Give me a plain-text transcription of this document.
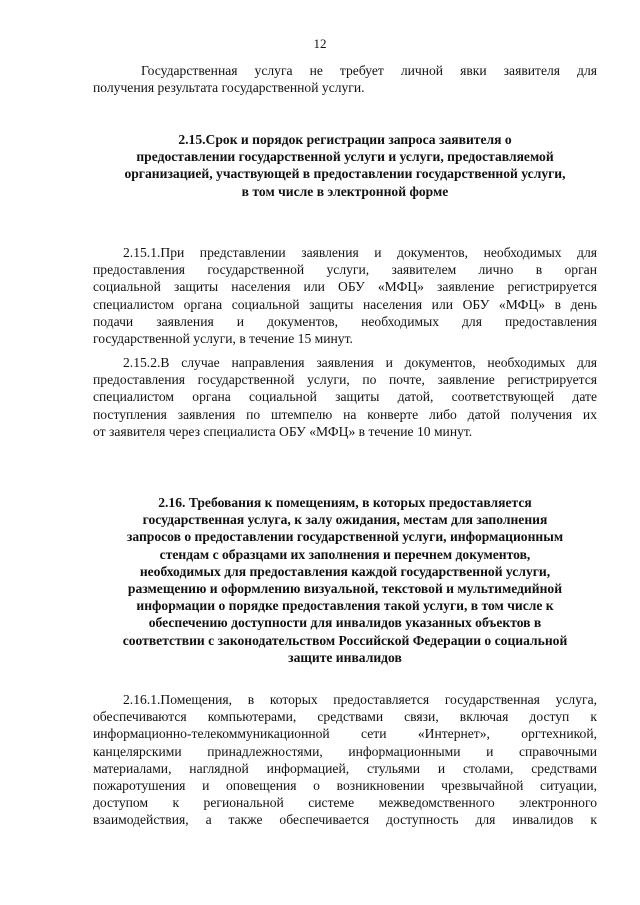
12
Государственная услуга не требует личной явки заявителя для
получения результата государственной услуги.
2.15.Срок и порядок регистрации запроса заявителя о
предоставлении государственной услуги и услуги, предоставляемой
организацией, участвующей в предоставлении государственной услуги,
в том числе в электронной форме
2.15.1.При представлении заявления и документов, необходимых для
предоставления государственной услуги, заявителем лично в орган
социальной защиты населения или ОБУ «МФЦ» заявление регистрируется
специалистом органа социальной защиты населения или ОБУ «МФЦ» в день
подачи заявления и документов, необходимых для предоставления
государственной услуги, в течение 15 минут.
2.15.2.В случае направления заявления и документов, необходимых для
предоставления государственной услуги, по почте, заявление регистрируется
специалистом органа социальной защиты датой, соответствующей дате
поступления заявления по штемпелю на конверте либо датой получения их
от заявителя через специалиста ОБУ «МФЦ» в течение 10 минут.
2.16. Требования к помещениям, в которых предоставляется
государственная услуга, к залу ожидания, местам для заполнения
запросов о предоставлении государственной услуги, информационным
стендам с образцами их заполнения и перечнем документов,
необходимых для предоставления каждой государственной услуги,
размещению и оформлению визуальной, текстовой и мультимедийной
информации о порядке предоставления такой услуги, в том числе к
обеспечению доступности для инвалидов указанных объектов в
соответствии с законодательством Российской Федерации о социальной
защите инвалидов
2.16.1.Помещения, в которых предоставляется государственная услуга,
обеспечиваются компьютерами, средствами связи, включая доступ к
информационно-телекоммуникационной сети «Интернет», оргтехникой,
канцелярскими принадлежностями, информационными и справочными
материалами, наглядной информацией, стульями и столами, средствами
пожаротушения и оповещения о возникновении чрезвычайной ситуации,
доступом к региональной системе межведомственного электронного
взаимодействия, а также обеспечивается доступность для инвалидов к
